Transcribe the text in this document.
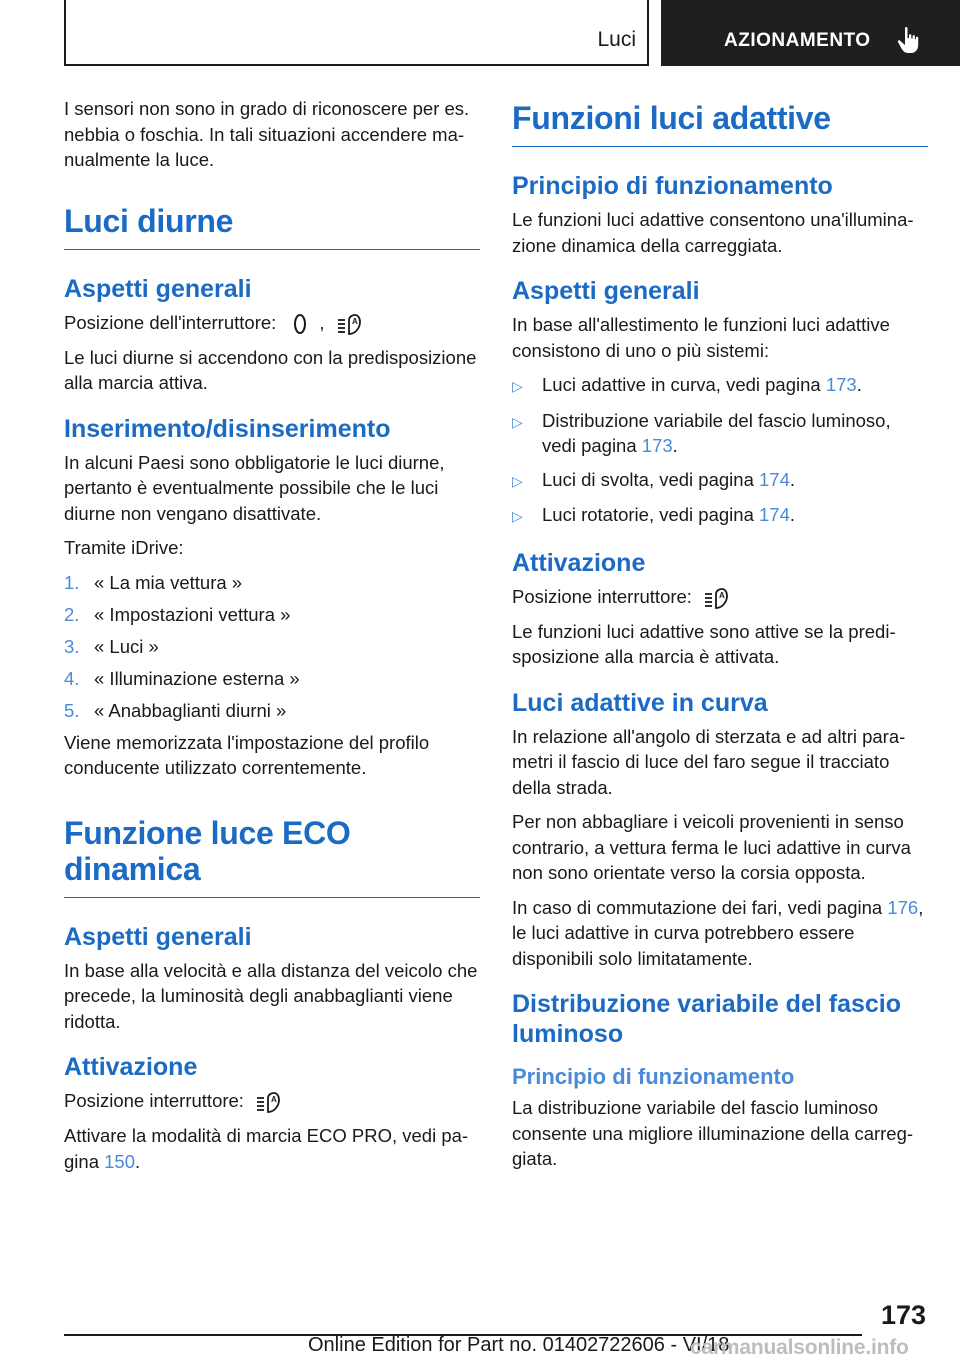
Luci	AZIONAMENTO

I sensori non sono in grado di riconoscere per es. nebbia o foschia. In tali situazioni accendere manualmente la luce.

Luci diurne
Aspetti generali

Posizione dell'interruttore: ,	A

Le luci diurne si accendono con la predisposizione alla marcia attiva.

Inserimento/disinserimento

In alcuni Paesi sono obbligatorie le luci diurne, pertanto è eventualmente possibile che le luci diurne non vengano disattivate.

Tramite iDrive:

1. « La mia vettura »
2. « Impostazioni vettura »
3. « Luci »
4. « Illuminazione esterna »
5. « Anabbaglianti diurni »

Viene memorizzata l'impostazione del profilo conducente utilizzato correntemente.

Funzione luce ECO dinamica
Aspetti generali

In base alla velocità e alla distanza del veicolo che precede, la luminosità degli anabbaglianti viene ridotta.

Attivazione

Posizione interruttore:	A

Attivare la modalità di marcia ECO PRO, vedi pagina 150.

Funzioni luci adattive
Principio di funzionamento

Le funzioni luci adattive consentono una'illuminazione dinamica della carreggiata.

Aspetti generali

In base all'allestimento le funzioni luci adattive consistono di uno o più sistemi:

▷	Luci adattive in curva, vedi pagina 173.
▷	Distribuzione variabile del fascio luminoso, vedi pagina 173.
▷	Luci di svolta, vedi pagina 174.
▷	Luci rotatorie, vedi pagina 174.
Attivazione

Posizione interruttore:	A

Le funzioni luci adattive sono attive se la predisposizione alla marcia è attivata.

Luci adattive in curva

In relazione all'angolo di sterzata e ad altri parametri il fascio di luce del faro segue il tracciato della strada.

Per non abbagliare i veicoli provenienti in senso contrario, a vettura ferma le luci adattive in curva non sono orientate verso la corsia opposta.

In caso di commutazione dei fari, vedi pagina 176, le luci adattive in curva potrebbero essere disponibili solo limitatamente.

Distribuzione variabile del fascio luminoso
Principio di funzionamento

La distribuzione variabile del fascio luminoso consente una migliore illuminazione della carreggiata.

173
Online Edition for Part no. 01402722606 - VI/18
carmanualsonline.info
